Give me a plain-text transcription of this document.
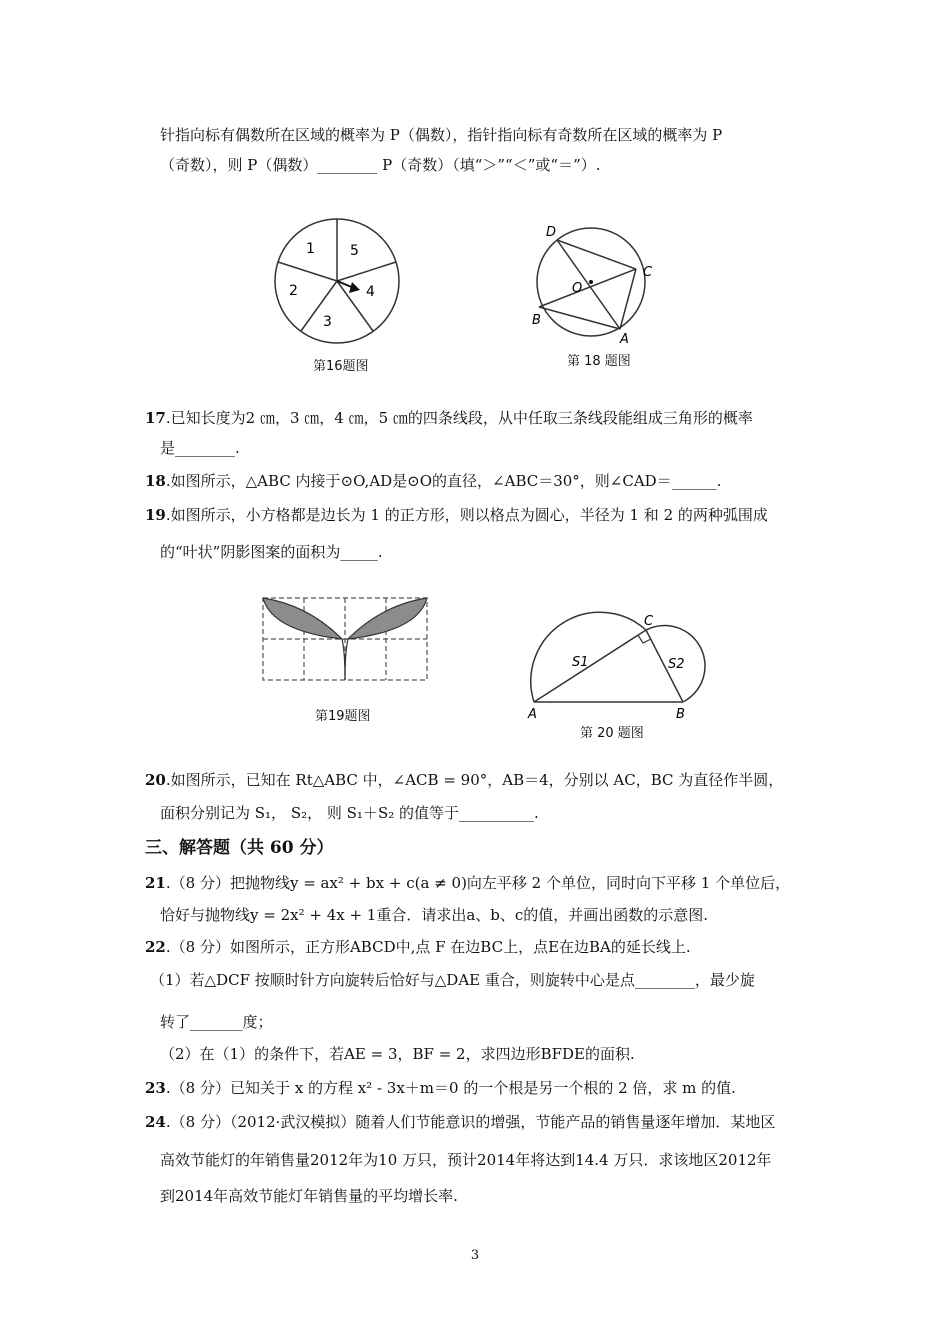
针指向标有偶数所在区域的概率为 P（偶数），指针指向标有奇数所在区域的概率为 P
（奇数），则 P（偶数）________ P（奇数）（填“＞”“＜”或“＝”）.
1	5
2	4
3
第16题图
D
C
O
B
A
第 18 题图
17.已知长度为2 ㎝，3 ㎝，4 ㎝，5 ㎝的四条线段，从中任取三条线段能组成三角形的概率
是________.
18.如图所示，△ABC 内接于⊙O,AD是⊙O的直径，∠ABC＝30°，则∠CAD＝______.
19.如图所示，小方格都是边长为 1 的正方形，则以格点为圆心，半径为 1 和 2 的两种弧围成
的“叶状”阴影图案的面积为_____.
第19题图
C
S1	S2
A	B
第 20 题图
20.如图所示，已知在 Rt△ABC 中，∠ACB = 90°，AB＝4，分别以 AC，BC 为直径作半圆，
面积分别记为 S₁， S₂， 则 S₁＋S₂ 的值等于__________.
三、解答题（共 60 分）
21.（8 分）把抛物线y = ax² + bx + c(a ≠ 0)向左平移 2 个单位，同时向下平移 1 个单位后，
恰好与抛物线y = 2x² + 4x + 1重合．请求出a、b、c的值，并画出函数的示意图.
22.（8 分）如图所示，正方形ABCD中,点 F 在边BC上，点E在边BA的延长线上.
（1）若△DCF 按顺时针方向旋转后恰好与△DAE 重合，则旋转中心是点________，最少旋
转了_______度；
（2）在（1）的条件下，若AE = 3，BF = 2，求四边形BFDE的面积.
23.（8 分）已知关于 x 的方程 x² - 3x＋m＝0 的一个根是另一个根的 2 倍，求 m 的值.
24.（8 分）（2012·武汉模拟）随着人们节能意识的增强，节能产品的销售量逐年增加．某地区
高效节能灯的年销售量2012年为10 万只，预计2014年将达到14.4 万只．求该地区2012年
到2014年高效节能灯年销售量的平均增长率.
3
